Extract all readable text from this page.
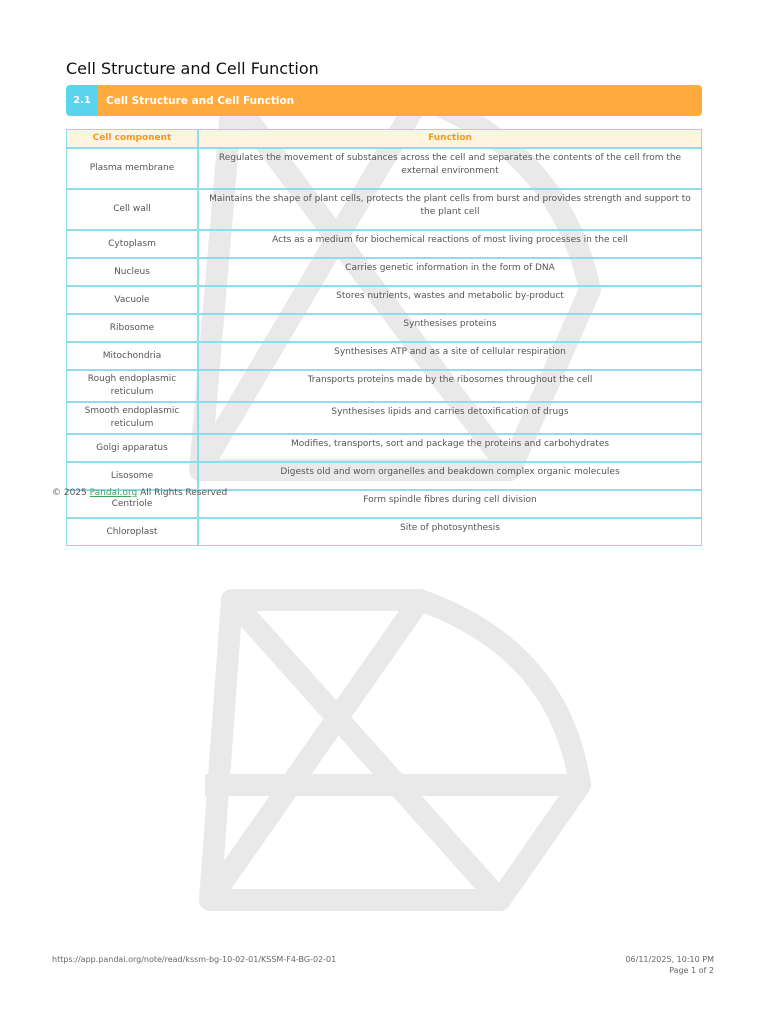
Cell Structure and Cell Function
2.1	Cell Structure and Cell Function
Cell component	Function
Plasma membrane	Regulates the movement of substances across the cell and separates the contents of the cell from the external environment
Cell wall	Maintains the shape of plant cells, protects the plant cells from burst and provides strength and support to the plant cell
Cytoplasm	Acts as a medium for biochemical reactions of most living processes in the cell
Nucleus	Carries genetic information in the form of DNA
Vacuole	Stores nutrients, wastes and metabolic by-product
Ribosome	Synthesises proteins
Mitochondria	Synthesises ATP and as a site of cellular respiration
Rough endoplasmic reticulum	Transports proteins made by the ribosomes throughout the cell
Smooth endoplasmic reticulum	Synthesises lipids and carries detoxification of drugs
Golgi apparatus	Modifies, transports, sort and package the proteins and carbohydrates
Lisosome	Digests old and worn organelles and beakdown complex organic molecules
Centriole	Form spindle fibres during cell division
Chloroplast	Site of photosynthesis
© 2025 Pandai.org All Rights Reserved
https://app.pandai.org/note/read/kssm-bg-10-02-01/KSSM-F4-BG-02-01	06/11/2025, 10:10 PM
Page 1 of 2
